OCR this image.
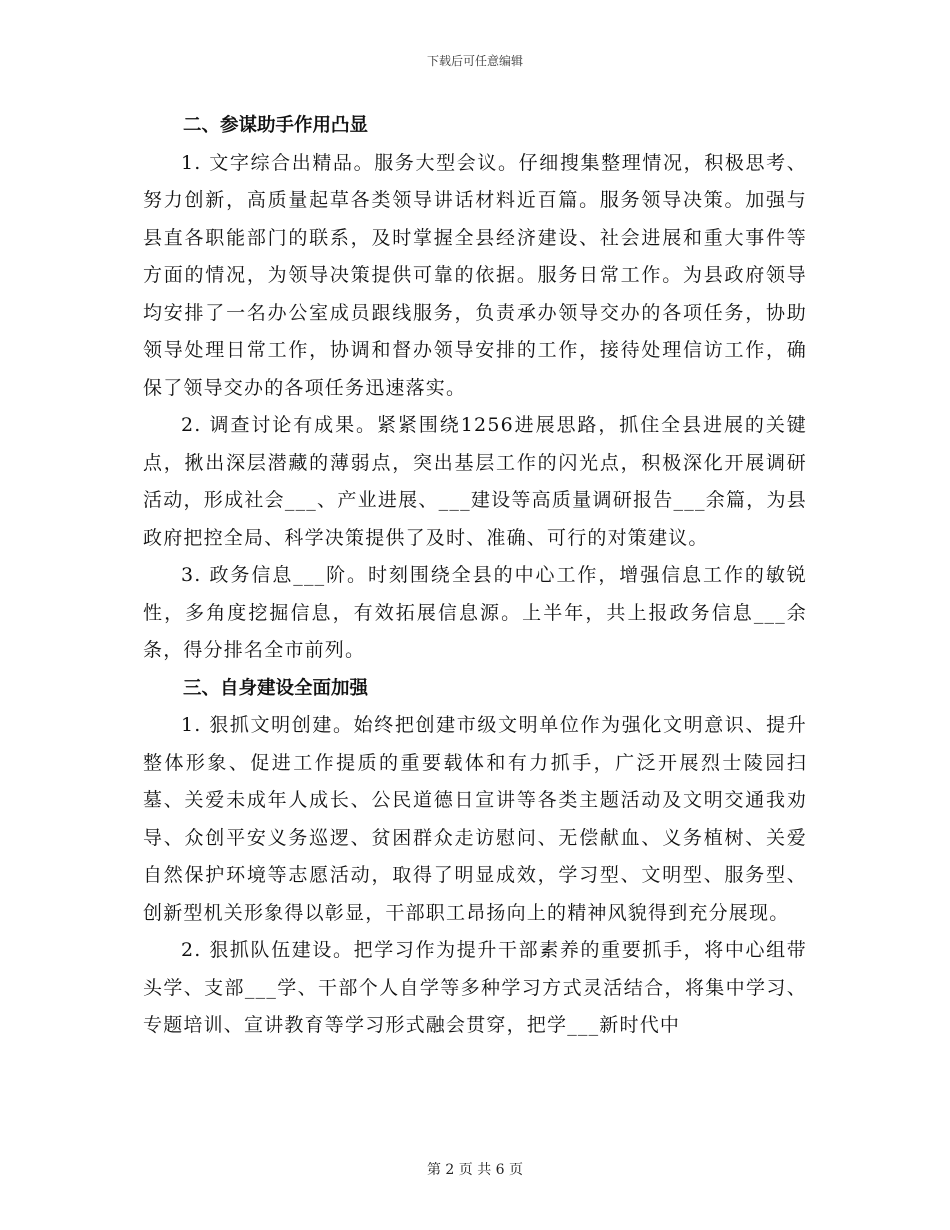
下载后可任意编辑
二、参谋助手作用凸显

1. 文字综合出精品。服务大型会议。仔细搜集整理情况，积极思考、努力创新，高质量起草各类领导讲话材料近百篇。服务领导决策。加强与县直各职能部门的联系，及时掌握全县经济建设、社会进展和重大事件等方面的情况，为领导决策提供可靠的依据。服务日常工作。为县政府领导均安排了一名办公室成员跟线服务，负责承办领导交办的各项任务，协助领导处理日常工作，协调和督办领导安排的工作，接待处理信访工作，确保了领导交办的各项任务迅速落实。

2. 调查讨论有成果。紧紧围绕1256进展思路，抓住全县进展的关键点，揪出深层潜藏的薄弱点，突出基层工作的闪光点，积极深化开展调研活动，形成社会___、产业进展、___建设等高质量调研报告___余篇，为县政府把控全局、科学决策提供了及时、准确、可行的对策建议。

3. 政务信息___阶。时刻围绕全县的中心工作，增强信息工作的敏锐性，多角度挖掘信息，有效拓展信息源。上半年，共上报政务信息___余条，得分排名全市前列。

三、自身建设全面加强

1. 狠抓文明创建。始终把创建市级文明单位作为强化文明意识、提升整体形象、促进工作提质的重要载体和有力抓手，广泛开展烈士陵园扫墓、关爱未成年人成长、公民道德日宣讲等各类主题活动及文明交通我劝导、众创平安义务巡逻、贫困群众走访慰问、无偿献血、义务植树、关爱自然保护环境等志愿活动，取得了明显成效，学习型、文明型、服务型、创新型机关形象得以彰显，干部职工昂扬向上的精神风貌得到充分展现。

2. 狠抓队伍建设。把学习作为提升干部素养的重要抓手，将中心组带头学、支部___学、干部个人自学等多种学习方式灵活结合，将集中学习、专题培训、宣讲教育等学习形式融会贯穿，把学___新时代中

第 2 页 共 6 页
